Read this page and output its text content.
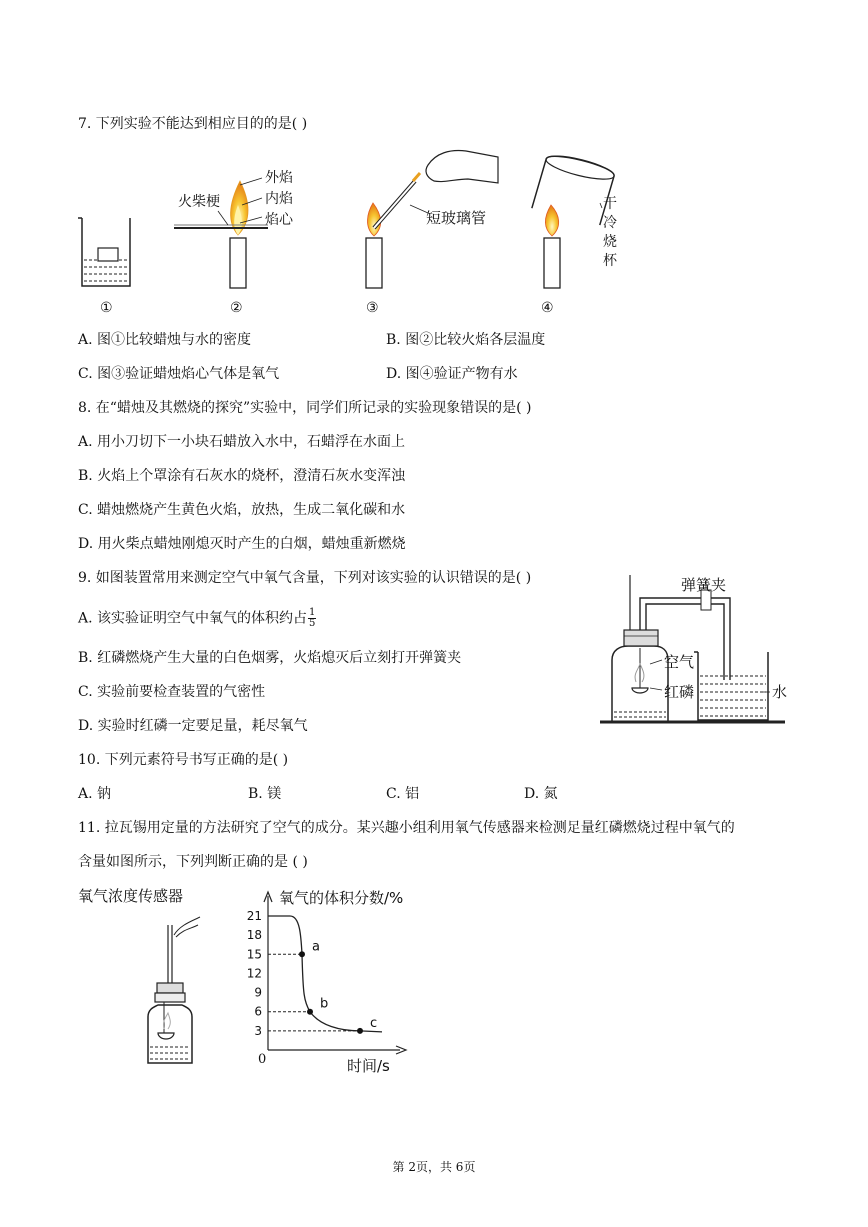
7. 下列实验不能达到相应目的的是( )
外焰
内焰
焰心
火柴梗
短玻璃管
干
冷
烧
杯
①	②	③	④
A. 图①比较蜡烛与水的密度	B. 图②比较火焰各层温度
C. 图③验证蜡烛焰心气体是氧气	D. 图④验证产物有水
8. 在“蜡烛及其燃烧的探究”实验中，同学们所记录的实验现象错误的是( )
A. 用小刀切下一小块石蜡放入水中，石蜡浮在水面上
B. 火焰上个罩涂有石灰水的烧杯，澄清石灰水变浑浊
C. 蜡烛燃烧产生黄色火焰，放热，生成二氧化碳和水
D. 用火柴点蜡烛刚熄灭时产生的白烟，蜡烛重新燃烧
9. 如图装置常用来测定空气中氧气含量，下列对该实验的认识错误的是( )
A. 该实验证明空气中氧气的体积约占 $\frac{1}{5}$
B. 红磷燃烧产生大量的白色烟雾，火焰熄灭后立刻打开弹簧夹
C. 实验前要检查装置的气密性
D. 实验时红磷一定要足量，耗尽氧气
弹簧夹
空气
红磷	水
10. 下列元素符号书写正确的是( )
A. 钠	B. 镁	C. 铝	D. 氮
11. 拉瓦锡用定量的方法研究了空气的成分。某兴趣小组利用氧气传感器来检测足量红磷燃烧过程中氧气的
含量如图所示，下列判断正确的是 ( )
氧气浓度传感器
21
18
15
12
9
6
3
a
b
c
氧气的体积分数/%
时间/s
0
第 2页，共 6页
